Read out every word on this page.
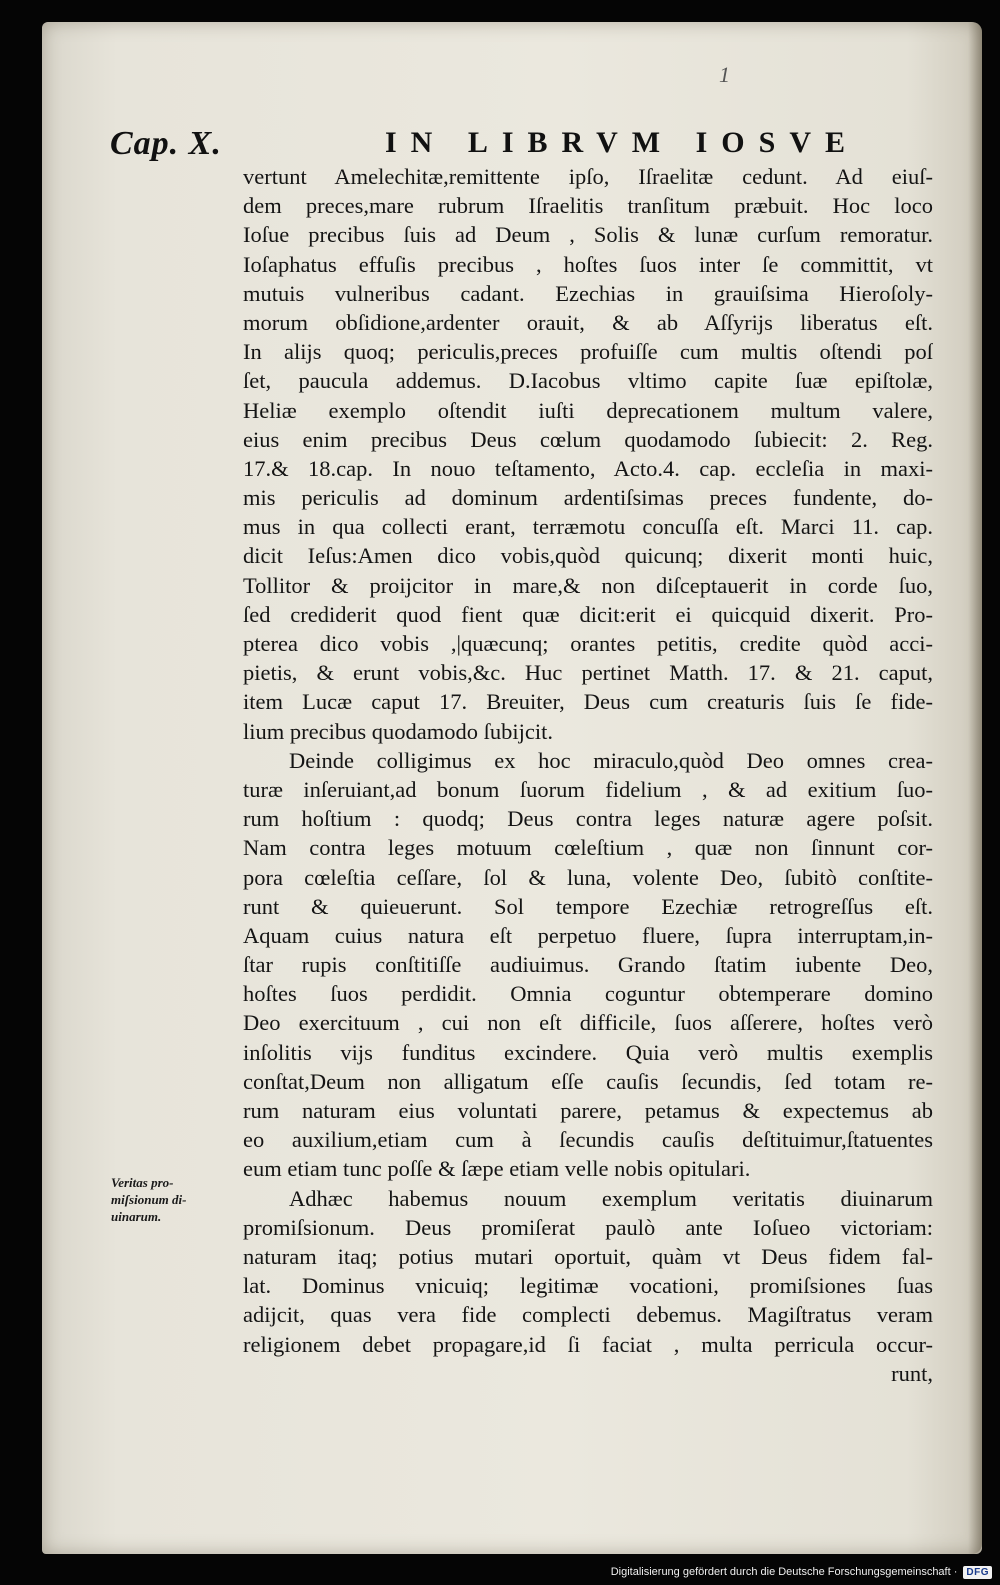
1
Cap. X.	IN LIBRVM IOSVE
vertunt Amelechitæ,remittente ipſo, Iſraelitæ cedunt. Ad eiuſ-
dem preces,mare rubrum Iſraelitis tranſitum præbuit. Hoc loco
Ioſue precibus ſuis ad Deum , Solis & lunæ curſum remoratur.
Ioſaphatus effuſis precibus , hoſtes ſuos inter ſe committit, vt
mutuis vulneribus cadant. Ezechias in grauiſsima Hieroſoly-
morum obſidione,ardenter orauit, & ab Aſſyrijs liberatus eſt.
In alijs quoq; periculis,preces profuiſſe cum multis oſtendi poſ
ſet, paucula addemus. D.Iacobus vltimo capite ſuæ epiſtolæ,
Heliæ exemplo oſtendit iuſti deprecationem multum valere,
eius enim precibus Deus cœlum quodamodo ſubiecit: 2. Reg.
17.& 18.cap. In nouo teſtamento, Acto.4. cap. eccleſia in maxi-
mis periculis ad dominum ardentiſsimas preces fundente, do-
mus in qua collecti erant, terræmotu concuſſa eſt. Marci 11. cap.
dicit Ieſus:Amen dico vobis,quòd quicunq; dixerit monti huic,
Tollitor & proijcitor in mare,& non diſceptauerit in corde ſuo,
ſed crediderit quod fient quæ dicit:erit ei quicquid dixerit. Pro-
pterea dico vobis ,|quæcunq; orantes petitis, credite quòd acci-
pietis, & erunt vobis,&c. Huc pertinet Matth. 17. & 21. caput,
item Lucæ caput 17. Breuiter, Deus cum creaturis ſuis ſe fide-
lium precibus quodamodo ſubijcit.
Deinde colligimus ex hoc miraculo,quòd Deo omnes crea-
turæ inſeruiant,ad bonum ſuorum fidelium , & ad exitium ſuo-
rum hoſtium : quodq; Deus contra leges naturæ agere poſsit.
Nam contra leges motuum cœleſtium , quæ non ſinnunt cor-
pora cœleſtia ceſſare, ſol & luna, volente Deo, ſubitò conſtite-
runt & quieuerunt. Sol tempore Ezechiæ retrogreſſus eſt.
Aquam cuius natura eſt perpetuo fluere, ſupra interruptam,in-
ſtar rupis conſtitiſſe audiuimus. Grando ſtatim iubente Deo,
hoſtes ſuos perdidit. Omnia coguntur obtemperare domino
Deo exercituum , cui non eſt difficile, ſuos aſſerere, hoſtes verò
inſolitis vijs funditus excindere. Quia verò multis exemplis
conſtat,Deum non alligatum eſſe cauſis ſecundis, ſed totam re-
rum naturam eius voluntati parere, petamus & expectemus ab
eo auxilium,etiam cum à ſecundis cauſis deſtituimur,ſtatuentes
eum etiam tunc poſſe & ſæpe etiam velle nobis opitulari.
Adhæc habemus nouum exemplum veritatis diuinarum
promiſsionum. Deus promiſerat paulò ante Ioſueo victoriam:
naturam itaq; potius mutari oportuit, quàm vt Deus fidem fal-
lat. Dominus vnicuiq; legitimæ vocationi, promiſsiones ſuas
adijcit, quas vera fide complecti debemus. Magiſtratus veram
religionem debet propagare,id ſi faciat , multa perricula occur-
runt,
Veritas pro-
miſsionum di-
uinarum.
Digitalisierung gefördert durch die Deutsche Forschungsgemeinschaft · DFG
